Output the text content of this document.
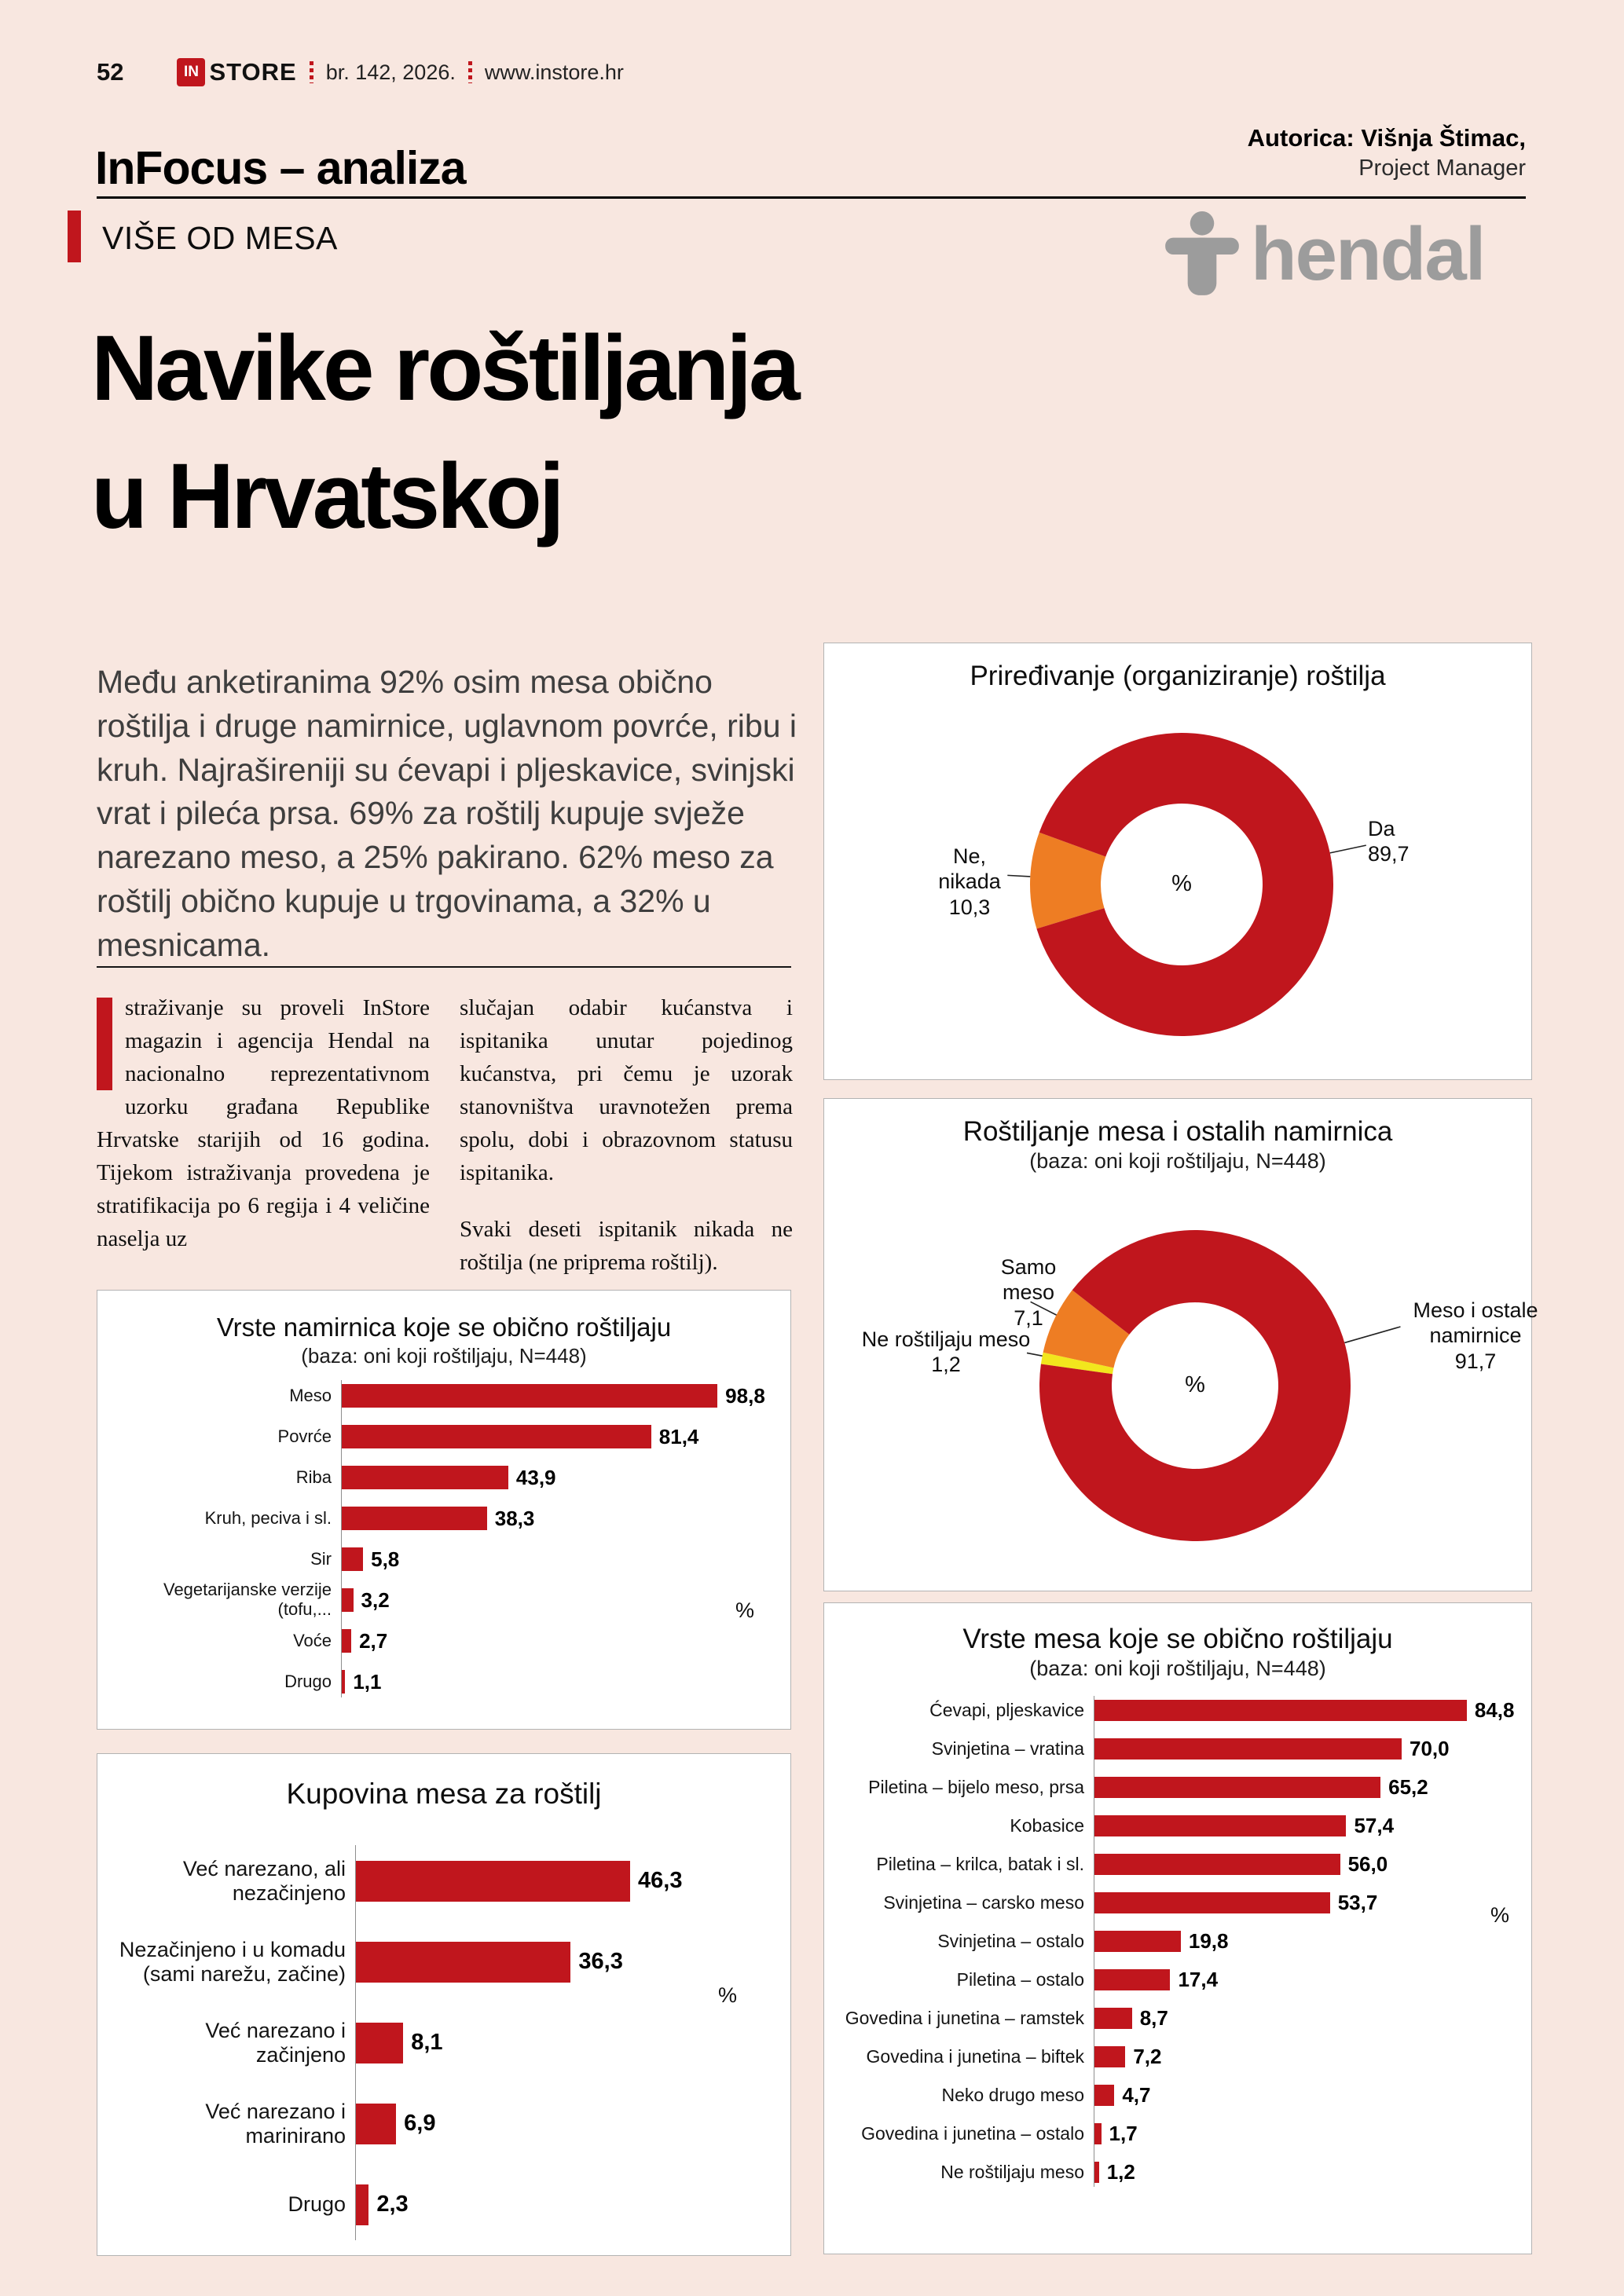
52	IN STORE br. 142, 2026. www.instore.hr
InFocus – analiza
Autorica: Višnja Štimac,
Project Manager
VIŠE OD MESA	hendal
Navike roštiljanja
u Hrvatskoj

Među anketiranima 92% osim mesa obično roštilja i druge namirnice, uglavnom povrće, ribu i kruh. Najrašireniji su ćevapi i pljeskavice, svinjski vrat i pileća prsa. 69% za roštilj kupuje svježe narezano meso, a 25% pakirano. 62% meso za roštilj obično kupuje u trgovinama, a 32% u mesnicama.

straživanje su proveli InStore magazin i agencija Hendal na nacionalno reprezentativnom uzorku građana Republike Hrvatske starijih od 16 godina. Tijekom istraživanja provedena je stratifikacija po 6 regija i 4 veličine naselja uz
slučajan odabir kućanstva i ispitanika unutar pojedinog kućanstva, pri čemu je uzorak stanovništva uravnotežen prema spolu, dobi i obrazovnom statusu ispitanika.
Svaki deseti ispitanik nikada ne roštilja (ne priprema roštilj).
Priređivanje (organiziranje) roštilja
%
Da
89,7
Ne, nikada
10,3
Roštiljanje mesa i ostalih namirnica
(baza: oni koji roštiljaju, N=448)
%
Meso i ostale namirnice
91,7
Samo meso
7,1
Ne roštiljaju meso
1,2
Vrste namirnica koje se obično roštiljaju
(baza: oni koji roštiljaju, N=448)
Meso	98,8
Povrće	81,4
Riba	43,9
Kruh, peciva i sl.	38,3
Sir	5,8
Vegetarijanske verzije (tofu,...	3,2
Voće	2,7
Drugo	1,1
%
Kupovina mesa za roštilj
Već narezano, ali nezačinjeno	46,3
Nezačinjeno i u komadu (sami narežu, začine)	36,3
Već narezano i začinjeno	8,1
Već narezano i marinirano	6,9
Drugo	2,3
%
Vrste mesa koje se obično roštiljaju
(baza: oni koji roštiljaju, N=448)
Ćevapi, pljeskavice	84,8
Svinjetina – vratina	70,0
Piletina – bijelo meso, prsa	65,2
Kobasice	57,4
Piletina – krilca, batak i sl.	56,0
Svinjetina – carsko meso	53,7
Svinjetina – ostalo	19,8
Piletina – ostalo	17,4
Govedina i junetina – ramstek	8,7
Govedina i junetina – biftek	7,2
Neko drugo meso	4,7
Govedina i junetina – ostalo	1,7
Ne roštiljaju meso	1,2
%
